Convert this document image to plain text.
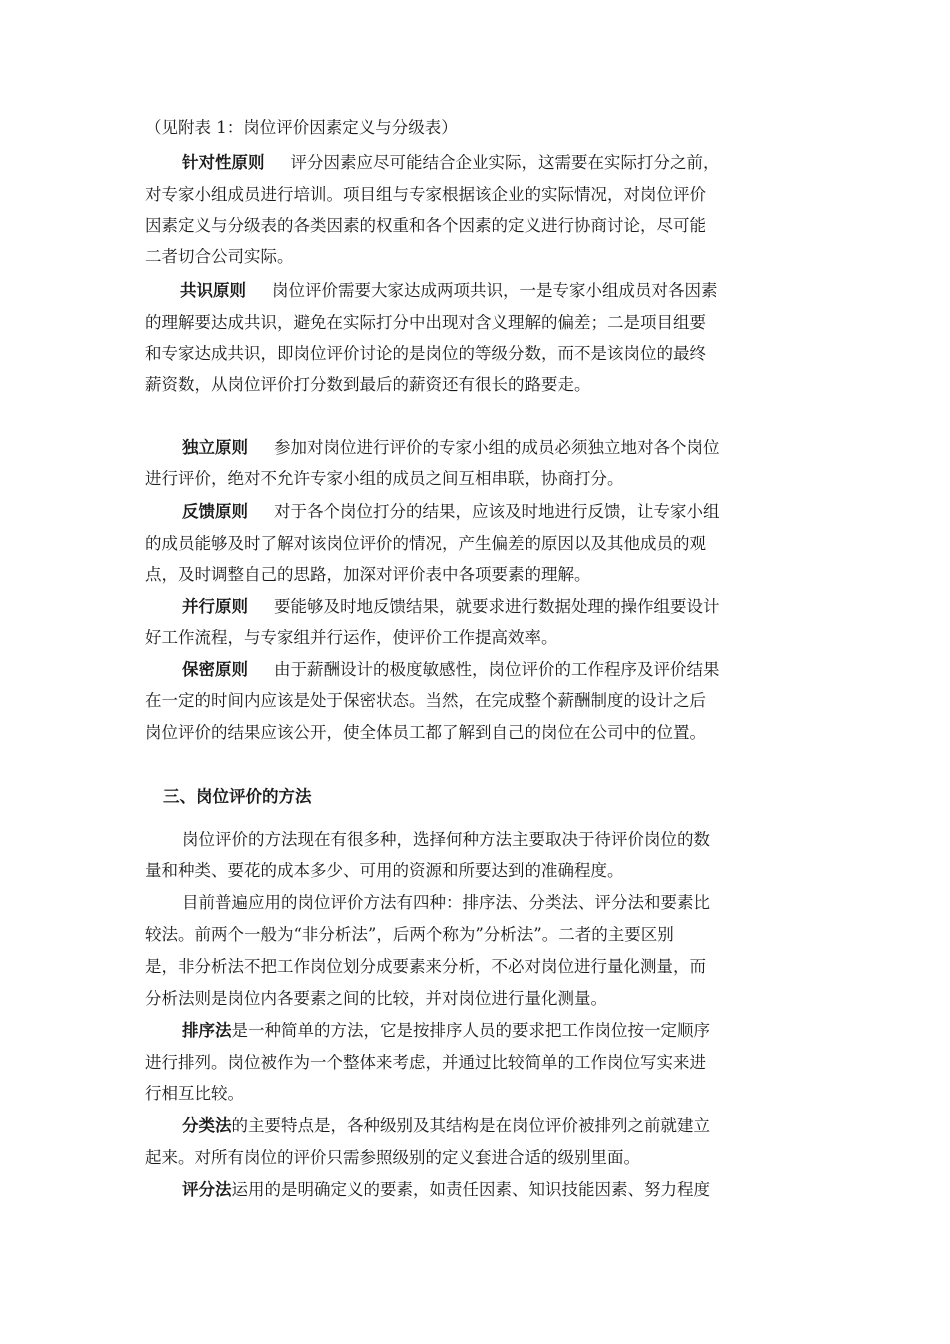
（见附表 1：岗位评价因素定义与分级表）
针对性原则 评分因素应尽可能结合企业实际，这需要在实际打分之前，
对专家小组成员进行培训。项目组与专家根据该企业的实际情况，对岗位评价
因素定义与分级表的各类因素的权重和各个因素的定义进行协商讨论，尽可能
二者切合公司实际。
共识原则 岗位评价需要大家达成两项共识，一是专家小组成员对各因素
的理解要达成共识，避免在实际打分中出现对含义理解的偏差；二是项目组要
和专家达成共识，即岗位评价讨论的是岗位的等级分数，而不是该岗位的最终
薪资数，从岗位评价打分数到最后的薪资还有很长的路要走。
独立原则 参加对岗位进行评价的专家小组的成员必须独立地对各个岗位
进行评价，绝对不允许专家小组的成员之间互相串联，协商打分。
反馈原则 对于各个岗位打分的结果，应该及时地进行反馈，让专家小组
的成员能够及时了解对该岗位评价的情况，产生偏差的原因以及其他成员的观
点，及时调整自己的思路，加深对评价表中各项要素的理解。
并行原则 要能够及时地反馈结果，就要求进行数据处理的操作组要设计
好工作流程，与专家组并行运作，使评价工作提高效率。
保密原则 由于薪酬设计的极度敏感性，岗位评价的工作程序及评价结果
在一定的时间内应该是处于保密状态。当然，在完成整个薪酬制度的设计之后
岗位评价的结果应该公开，使全体员工都了解到自己的岗位在公司中的位置。
三、岗位评价的方法
岗位评价的方法现在有很多种，选择何种方法主要取决于待评价岗位的数
量和种类、要花的成本多少、可用的资源和所要达到的准确程度。
目前普遍应用的岗位评价方法有四种：排序法、分类法、评分法和要素比
较法。前两个一般为“非分析法”，后两个称为”分析法”。二者的主要区别
是，非分析法不把工作岗位划分成要素来分析，不必对岗位进行量化测量，而
分析法则是岗位内各要素之间的比较，并对岗位进行量化测量。
排序法是一种简单的方法，它是按排序人员的要求把工作岗位按一定顺序
进行排列。岗位被作为一个整体来考虑，并通过比较简单的工作岗位写实来进
行相互比较。
分类法的主要特点是，各种级别及其结构是在岗位评价被排列之前就建立
起来。对所有岗位的评价只需参照级别的定义套进合适的级别里面。
评分法运用的是明确定义的要素，如责任因素、知识技能因素、努力程度
